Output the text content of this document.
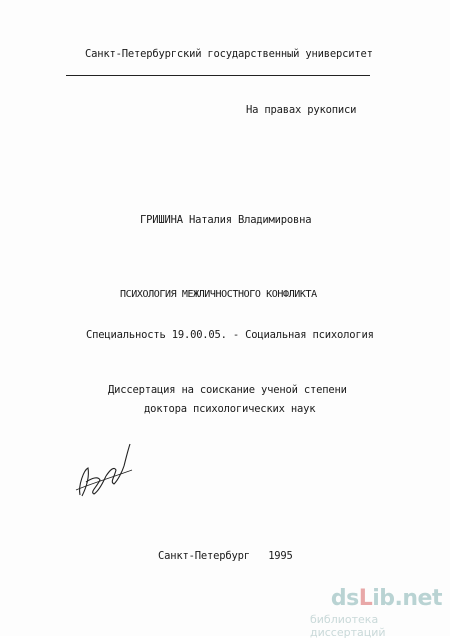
Санкт-Петербургский государственный университет
На правах рукописи
ГРИШИНА Наталия Владимировна
ПСИХОЛОГИЯ МЕЖЛИЧНОСТНОГО КОНФЛИКТА
Специальность 19.00.05. - Социальная психология
Диссертация на соискание ученой степени
доктора психологических наук
Санкт-Петербург   1995
dsLib.net
библиотека диссертаций
